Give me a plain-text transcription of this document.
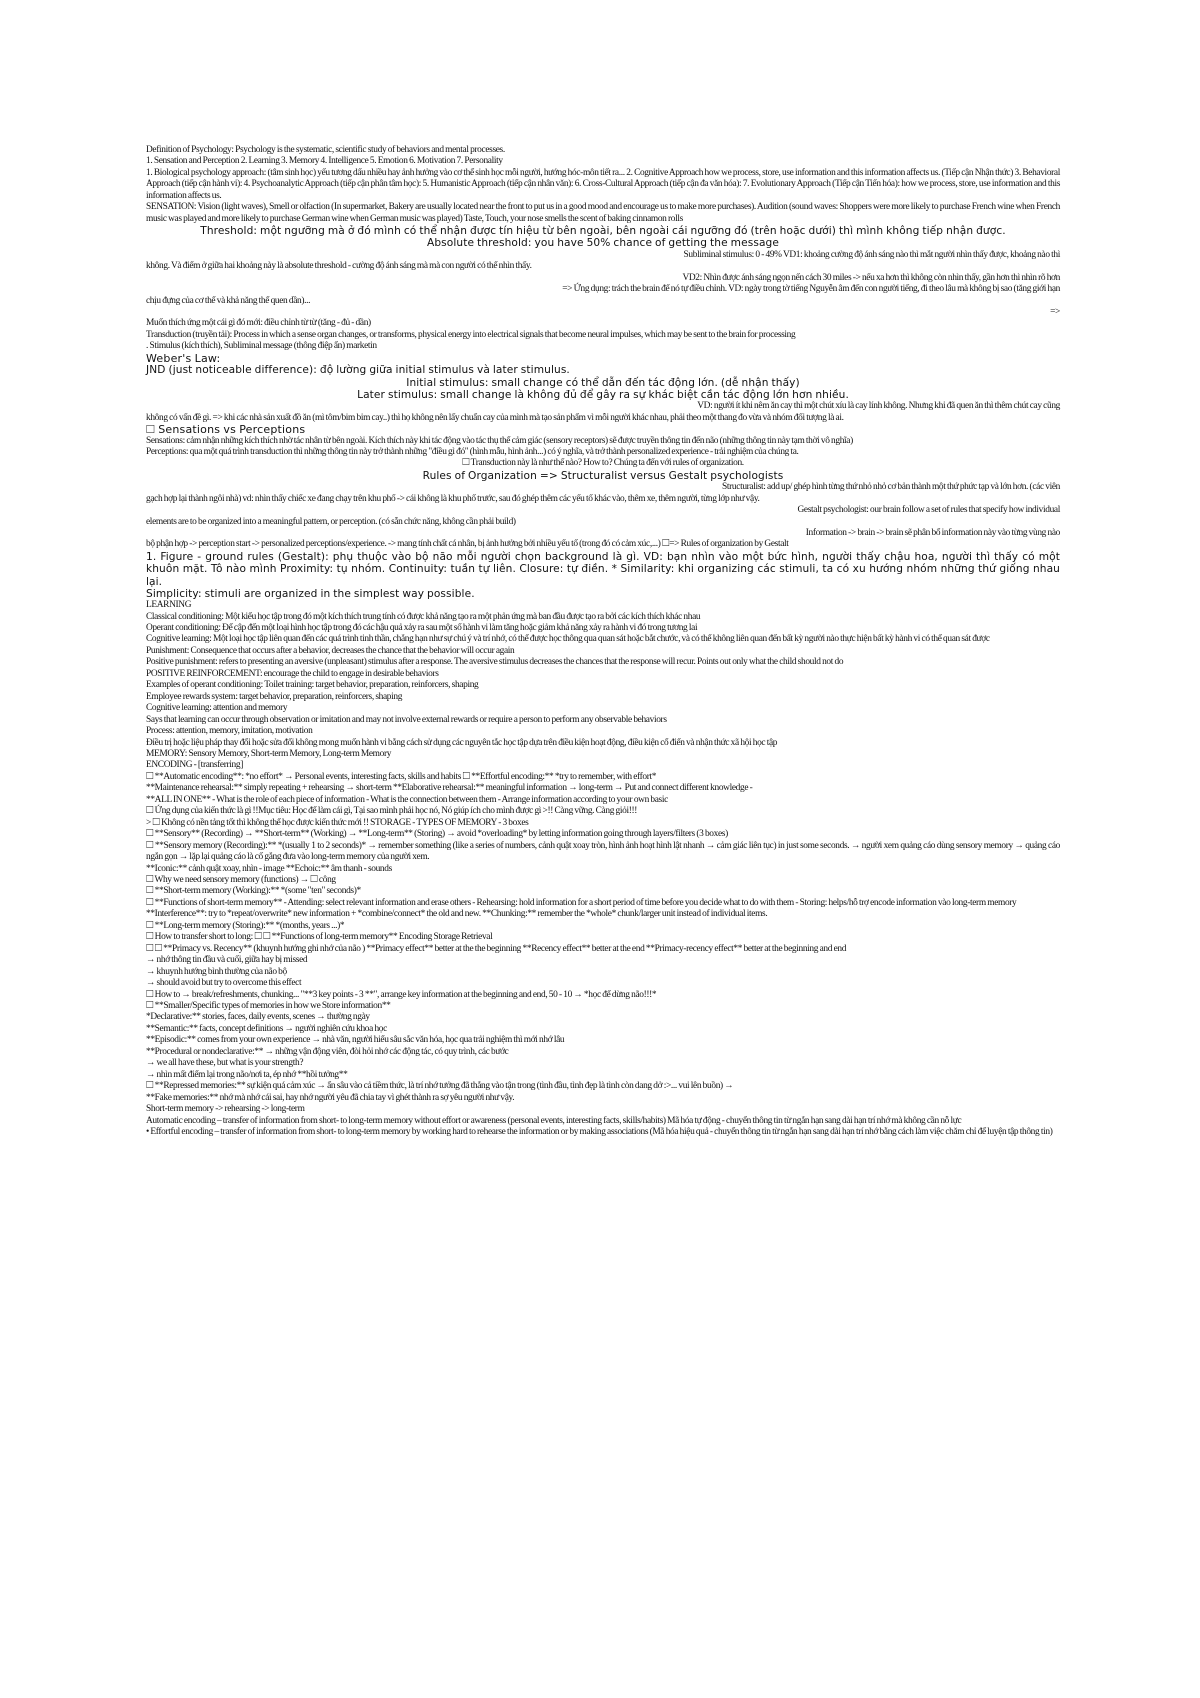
Definition of Psychology: Psychology is the systematic, scientific study of behaviors and mental processes.

1. Sensation and Perception 2. Learning 3. Memory 4. Intelligence 5. Emotion 6. Motivation 7. Personality

1. Biological psychology approach: (tâm sinh học) yếu tương dấu nhiều hay ảnh hưởng vào cơ thể sinh học mỗi người, hướng hóc-môn tiết ra... 2. Cognitive Approach how we process, store, use information and this information affects us. (Tiếp cận Nhận thức) 3. Behavioral Approach (tiếp cận hành vi): 4. Psychoanalytic Approach (tiếp cận phân tâm học): 5. Humanistic Approach (tiếp cận nhân văn): 6. Cross-Cultural Approach (tiếp cận đa văn hóa): 7. Evolutionary Approach (Tiếp cận Tiến hóa): how we process, store, use information and this information affects us.

SENSATION: Vision (light waves), Smell or olfaction (In supermarket, Bakery are usually located near the front to put us in a good mood and encourage us to make more purchases). Audition (sound waves: Shoppers were more likely to purchase French wine when French music was played and more likely to purchase German wine when German music was played) Taste, Touch, your nose smells the scent of baking cinnamon rolls

Threshold: một ngưỡng mà ở đó mình có thể nhận được tín hiệu từ bên ngoài, bên ngoài cái ngưỡng đó (trên hoặc dưới) thì mình không tiếp nhận được.

Absolute threshold: you have 50% chance of getting the message

Subliminal stimulus: 0 - 49% VD1: khoảng cường độ ánh sáng nào thì mắt người nhìn thấy được, khoảng nào thì

không. Và điểm ở giữa hai khoảng này là absolute threshold - cường độ ánh sáng mà mà con người có thể nhìn thấy.

VD2: Nhìn được ánh sáng ngọn nến cách 30 miles -> nếu xa hơn thì không còn nhìn thấy, gần hơn thì nhìn rõ hơn

=> Ứng dụng: trách the brain để nó tự điều chỉnh. VD: ngày trong tờ tiếng Nguyễn âm đến con người tiếng, đi theo lâu mà không bị sao (tăng giới hạn

chịu đựng của cơ thể và khả năng thể quen dần)...

=>

Muốn thích ứng một cái gì đó mới: điều chỉnh từ từ (tăng - đủ - dần)

Transduction (truyền tải): Process in which a sense organ changes, or transforms, physical energy into electrical signals that become neural impulses, which may be sent to the brain for processing

. Stimulus (kích thích), Subliminal message (thông điệp ẩn) marketin

Weber's Law:

JND (just noticeable difference): độ lường giữa initial stimulus và later stimulus.

Initial stimulus: small change có thể dẫn đến tác động lớn. (dễ nhận thấy)

Later stimulus: small change là không đủ để gây ra sự khác biệt cần tác động lớn hơn nhiều.

VD: người ít khi nêm ăn cay thì một chút xíu là cay lính không. Nhưng khi đã quen ăn thì thêm chút cay cũng

không có vấn đề gì. => khi các nhà sản xuất đồ ăn (mì tôm/bim bim cay..) thì họ không nên lấy chuẩn cay của mình mà tạo sản phẩm vì mỗi người khác nhau, phải theo một thang đo vừa và nhóm đối tượng là ai.

🞎 Sensations vs Perceptions

Sensations: cảm nhận những kích thích nhờ tác nhân từ bên ngoài. Kích thích này khi tác động vào tác thụ thể cảm giác (sensory receptors) sẽ được truyền thông tin đến não (những thông tin này tạm thời vô nghĩa)

Perceptions: qua một quá trình transduction thì những thông tin này trở thành những "điều gì đó" (hình mẫu, hình ảnh...) có ý nghĩa, và trở thành personalized experience - trải nghiệm của chúng ta.

🞎 Transduction này là như thế nào? How to? Chúng ta đến với rules of organization.

Rules of Organization => Structuralist versus Gestalt psychologists

Structuralist: add up/ ghép hình từng thứ nhỏ nhỏ cơ bản thành một thứ phức tạp và lớn hơn. (các viên

gạch hợp lại thành ngôi nhà) vd: nhìn thấy chiếc xe đang chạy trên khu phố -> cái không là khu phố trước, sau đó ghép thêm các yếu tố khác vào, thêm xe, thêm người, từng lớp như vậy.

Gestalt psychologist: our brain follow a set of rules that specify how individual

elements are to be organized into a meaningful pattern, or perception. (có sẵn chức năng, không cần phải build)

Information -> brain -> brain sẽ phân bổ information này vào từng vùng nào

bộ phận hợp -> perception start -> personalized perceptions/experience. -> mang tính chất cá nhân, bị ảnh hưởng bởi nhiều yếu tố (trong đó có cảm xúc,...) 🞎=> Rules of organization by Gestalt

1. Figure - ground rules (Gestalt): phụ thuộc vào bộ não mỗi người chọn background là gì. VD: bạn nhìn vào một bức hình, người thấy chậu hoa, người thì thấy có một khuôn mặt. Tô nào mình Proximity: tụ nhóm. Continuity: tuần tự liên. Closure: tự điền. * Similarity: khi organizing các stimuli, ta có xu hướng nhóm những thứ giống nhau lại.

Simplicity: stimuli are organized in the simplest way possible.

LEARNING

Classical conditioning: Một kiểu học tập trong đó một kích thích trung tính có được khả năng tạo ra một phản ứng mà ban đầu được tạo ra bởi các kích thích khác nhau

Operant conditioning: Để cập đến một loại hình học tập trong đó các hậu quả xảy ra sau một số hành vi làm tăng hoặc giảm khả năng xảy ra hành vi đó trong tương lai

Cognitive learning: Một loại học tập liên quan đến các quá trình tinh thần, chẳng hạn như sự chú ý và trí nhớ, có thể được học thông qua quan sát hoặc bắt chước, và có thể không liên quan đến bất kỳ người nào thực hiện bất kỳ hành vi có thể quan sát được

Punishment: Consequence that occurs after a behavior, decreases the chance that the behavior will occur again

Positive punishment: refers to presenting an aversive (unpleasant) stimulus after a response. The aversive stimulus decreases the chances that the response will recur. Points out only what the child should not do

POSITIVE REINFORCEMENT: encourage the child to engage in desirable behaviors

Examples of operant conditioning: Toilet training: target behavior, preparation, reinforcers, shaping

Employee rewards system: target behavior, preparation, reinforcers, shaping

Cognitive learning: attention and memory

Says that learning can occur through observation or imitation and may not involve external rewards or require a person to perform any observable behaviors

Process: attention, memory, imitation, motivation

Điều trị hoặc liệu pháp thay đổi hoặc sửa đổi không mong muốn hành vi bằng cách sử dụng các nguyên tắc học tập dựa trên điều kiện hoạt động, điều kiện cổ điển và nhận thức xã hội học tập

MEMORY: Sensory Memory, Short-term Memory, Long-term Memory

ENCODING - [transferring]

🞎 **Automatic encoding**: *no effort* → Personal events, interesting facts, skills and habits 🞎 **Effortful encoding:** *try to remember, with effort*

**Maintenance rehearsal:** simply repeating + rehearsing → short-term **Elaborative rehearsal:** meaningful information → long-term → Put and connect different knowledge -

**ALL IN ONE** - What is the role of each piece of information - What is the connection between them - Arrange information according to your own basic

🞎 Ứng dụng của kiến thức là gì !!Mục tiêu: Học để làm cái gì, Tại sao mình phải học nó, Nó giúp ích cho mình được gì >!! Càng vững. Càng giỏi!!!

> 🞎 Không có nền tảng tốt thì không thể học được kiến thức mới !! STORAGE - TYPES OF MEMORY - 3 boxes

🞎 **Sensory** (Recording) → **Short-term** (Working) → **Long-term** (Storing) → avoid *overloading* by letting information going through layers/filters (3 boxes)

🞎 **Sensory memory (Recording):** *(usually 1 to 2 seconds)* → remember something (like a series of numbers, cảnh quật xoay tròn, hình ảnh hoạt hình lật nhanh → cảm giác liên tục) in just some seconds. → người xem quảng cáo dùng sensory memory → quảng cáo ngắn gọn → lặp lại quảng cáo là cố gắng đưa vào long-term memory của người xem.

**Iconic:** cảnh quật xoay, nhìn - image **Echoic:** âm thanh - sounds

🞎 Why we need sensory memory (functions) → 🞎 công

🞎 **Short-term memory (Working):** *(some "ten" seconds)*

🞎 **Functions of short-term memory** - Attending: select relevant information and erase others - Rehearsing: hold information for a short period of time before you decide what to do with them - Storing: helps/hỗ trợ encode information vào long-term memory

**Interference**: try to *repeat/overwrite* new information + *combine/connect* the old and new. **Chunking:** remember the *whole* chunk/larger unit instead of individual items.

🞎 **Long-term memory (Storing):** *(months, years ...)*

🞎 How to transfer short to long: 🞎 🞎 **Functions of long-term memory** Encoding Storage Retrieval

🞎 🞎 **Primacy vs. Recency** (khuynh hướng ghi nhớ của não ) **Primacy effect** better at the the beginning **Recency effect** better at the end **Primacy-recency effect** better at the beginning and end

→ nhớ thông tin đầu và cuối, giữa hay bị missed

→ khuynh hướng bình thường của não bộ

→ should avoid but try to overcome this effect

🞎 How to → break/refreshments, chunking... "**3 key points - 3 **", arrange key information at the beginning and end, 50 - 10 → *học để dừng não!!!*

🞎 **Smaller/Specific types of memories in how we Store information**

*Declarative:** stories, faces, daily events, scenes → thường ngày

**Semantic:** facts, concept definitions → người nghiên cứu khoa học

**Episodic:** comes from your own experience → nhà văn, người hiểu sâu sắc văn hóa, học qua trải nghiệm thì mới nhớ lâu

**Procedural or nondeclarative:** → những vận động viên, đòi hỏi nhớ các động tác, có quy trình, các bước

→ we all have these, but what is your strength?

→ nhìn mất điểm lại trong não/nơi ta, ép nhớ **hồi tưởng**

🞎 **Repressed memories:** sự kiện quá cảm xúc → ẩn sâu vào cả tiềm thức, là trí nhớ tưởng đã thẳng vào tận trong (tình đầu, tình đẹp là tình còn dang dở :>... vui lên buồn) →

**Fake memories:** nhớ mà nhớ cái sai, hay nhớ người yêu đã chia tay vì ghét thành ra sợ yêu người như vậy.

Short-term memory -> rehearsing -> long-term

Automatic encoding – transfer of information from short- to long-term memory without effort or awareness (personal events, interesting facts, skills/habits) Mã hóa tự động - chuyển thông tin từ ngắn hạn sang dài hạn trí nhớ mà không cần nỗ lực

• Effortful encoding – transfer of information from short- to long-term memory by working hard to rehearse the information or by making associations (Mã hóa hiệu quả - chuyển thông tin từ ngắn hạn sang dài hạn trí nhớ bằng cách làm việc chăm chỉ để luyện tập thông tin)
